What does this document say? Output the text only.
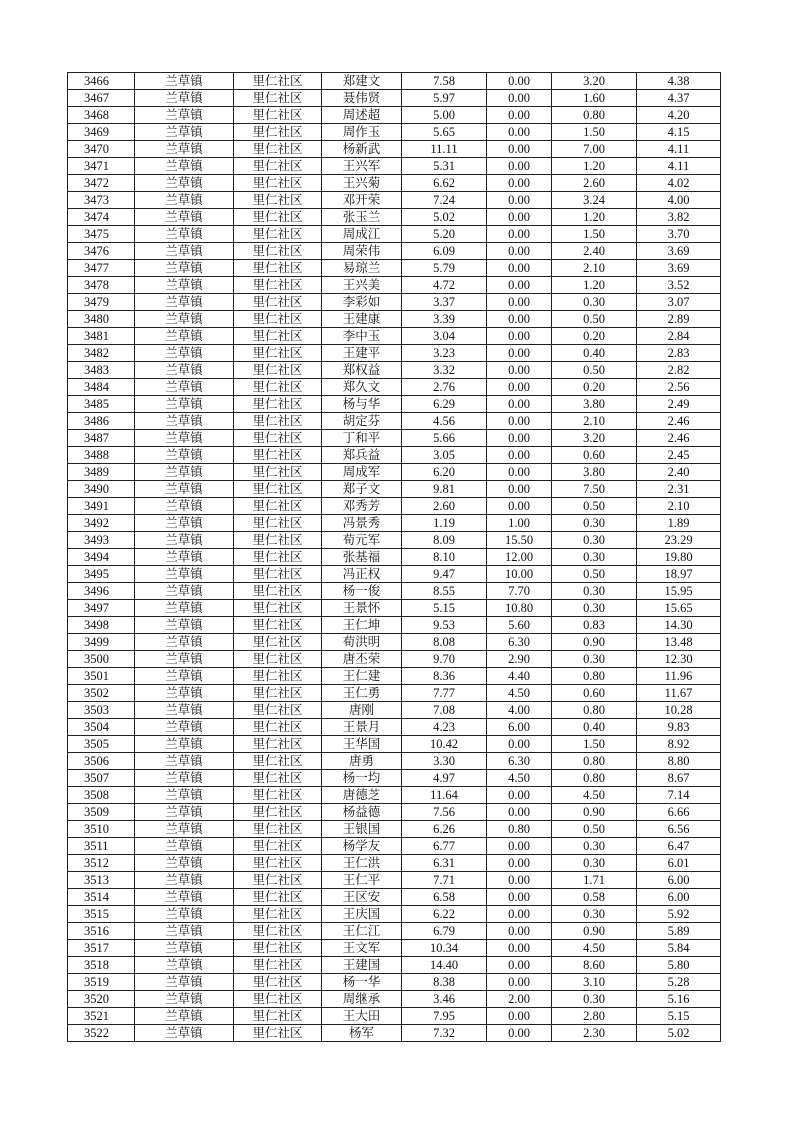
3466	兰草镇	里仁社区	郑建文	7.58	0.00	3.20	4.38
3467	兰草镇	里仁社区	聂伟贤	5.97	0.00	1.60	4.37
3468	兰草镇	里仁社区	周述超	5.00	0.00	0.80	4.20
3469	兰草镇	里仁社区	周作玉	5.65	0.00	1.50	4.15
3470	兰草镇	里仁社区	杨新武	11.11	0.00	7.00	4.11
3471	兰草镇	里仁社区	王兴军	5.31	0.00	1.20	4.11
3472	兰草镇	里仁社区	王兴菊	6.62	0.00	2.60	4.02
3473	兰草镇	里仁社区	邓开荣	7.24	0.00	3.24	4.00
3474	兰草镇	里仁社区	张玉兰	5.02	0.00	1.20	3.82
3475	兰草镇	里仁社区	周成江	5.20	0.00	1.50	3.70
3476	兰草镇	里仁社区	周荣伟	6.09	0.00	2.40	3.69
3477	兰草镇	里仁社区	易琼兰	5.79	0.00	2.10	3.69
3478	兰草镇	里仁社区	王兴美	4.72	0.00	1.20	3.52
3479	兰草镇	里仁社区	李彩如	3.37	0.00	0.30	3.07
3480	兰草镇	里仁社区	王建康	3.39	0.00	0.50	2.89
3481	兰草镇	里仁社区	李中玉	3.04	0.00	0.20	2.84
3482	兰草镇	里仁社区	王建平	3.23	0.00	0.40	2.83
3483	兰草镇	里仁社区	郑权益	3.32	0.00	0.50	2.82
3484	兰草镇	里仁社区	郑久文	2.76	0.00	0.20	2.56
3485	兰草镇	里仁社区	杨与华	6.29	0.00	3.80	2.49
3486	兰草镇	里仁社区	胡定芬	4.56	0.00	2.10	2.46
3487	兰草镇	里仁社区	丁和平	5.66	0.00	3.20	2.46
3488	兰草镇	里仁社区	郑兵益	3.05	0.00	0.60	2.45
3489	兰草镇	里仁社区	周成军	6.20	0.00	3.80	2.40
3490	兰草镇	里仁社区	郑子文	9.81	0.00	7.50	2.31
3491	兰草镇	里仁社区	邓秀芳	2.60	0.00	0.50	2.10
3492	兰草镇	里仁社区	冯景秀	1.19	1.00	0.30	1.89
3493	兰草镇	里仁社区	荀元军	8.09	15.50	0.30	23.29
3494	兰草镇	里仁社区	张基福	8.10	12.00	0.30	19.80
3495	兰草镇	里仁社区	冯正权	9.47	10.00	0.50	18.97
3496	兰草镇	里仁社区	杨一俊	8.55	7.70	0.30	15.95
3497	兰草镇	里仁社区	王景怀	5.15	10.80	0.30	15.65
3498	兰草镇	里仁社区	王仁坤	9.53	5.60	0.83	14.30
3499	兰草镇	里仁社区	荀洪明	8.08	6.30	0.90	13.48
3500	兰草镇	里仁社区	唐丕荣	9.70	2.90	0.30	12.30
3501	兰草镇	里仁社区	王仁建	8.36	4.40	0.80	11.96
3502	兰草镇	里仁社区	王仁勇	7.77	4.50	0.60	11.67
3503	兰草镇	里仁社区	唐刚	7.08	4.00	0.80	10.28
3504	兰草镇	里仁社区	王景月	4.23	6.00	0.40	9.83
3505	兰草镇	里仁社区	王华国	10.42	0.00	1.50	8.92
3506	兰草镇	里仁社区	唐勇	3.30	6.30	0.80	8.80
3507	兰草镇	里仁社区	杨一均	4.97	4.50	0.80	8.67
3508	兰草镇	里仁社区	唐德芝	11.64	0.00	4.50	7.14
3509	兰草镇	里仁社区	杨益德	7.56	0.00	0.90	6.66
3510	兰草镇	里仁社区	王银国	6.26	0.80	0.50	6.56
3511	兰草镇	里仁社区	杨学友	6.77	0.00	0.30	6.47
3512	兰草镇	里仁社区	王仁洪	6.31	0.00	0.30	6.01
3513	兰草镇	里仁社区	王仁平	7.71	0.00	1.71	6.00
3514	兰草镇	里仁社区	王区安	6.58	0.00	0.58	6.00
3515	兰草镇	里仁社区	王庆国	6.22	0.00	0.30	5.92
3516	兰草镇	里仁社区	王仁江	6.79	0.00	0.90	5.89
3517	兰草镇	里仁社区	王文军	10.34	0.00	4.50	5.84
3518	兰草镇	里仁社区	王建国	14.40	0.00	8.60	5.80
3519	兰草镇	里仁社区	杨一华	8.38	0.00	3.10	5.28
3520	兰草镇	里仁社区	周继承	3.46	2.00	0.30	5.16
3521	兰草镇	里仁社区	王大田	7.95	0.00	2.80	5.15
3522	兰草镇	里仁社区	杨军	7.32	0.00	2.30	5.02
